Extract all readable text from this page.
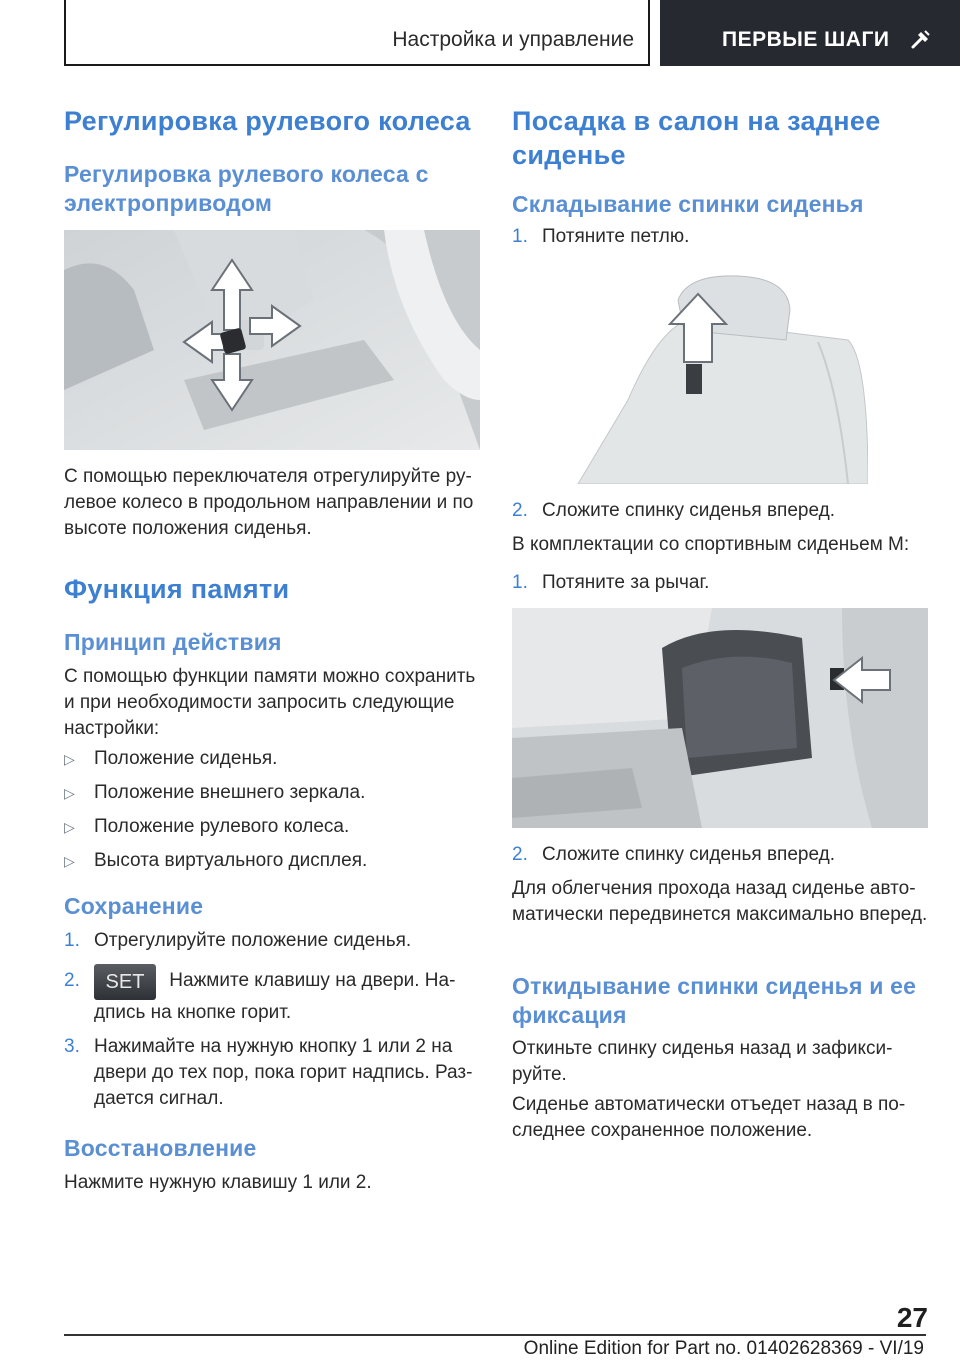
Настройка и управление	ПЕРВЫЕ ШАГИ
Регулировка рулевого колеса
Регулировка рулевого колеса с электроприводом
С помощью переключателя отрегулируйте рулевое колесо в продольном направлении и по высоте положения сиденья.
Функция памяти
Принцип действия
С помощью функции памяти можно сохранить и при необходимости запросить следующие настройки:
▷ Положение сиденья.
▷ Положение внешнего зеркала.
▷ Положение рулевого колеса.
▷ Высота виртуального дисплея.
Сохранение
1. Отрегулируйте положение сиденья.
2.	SET Нажмите клавишу на двери. Надпись на кнопке горит.
3. Нажимайте на нужную кнопку 1 или 2 на двери до тех пор, пока горит надпись. Раздается сигнал.
Восстановление
Нажмите нужную клавишу 1 или 2.
Посадка в салон на заднее сиденье
Складывание спинки сиденья
1. Потяните петлю.
2. Сложите спинку сиденья вперед.
В комплектации со спортивным сиденьем M:
1. Потяните за рычаг.
2. Сложите спинку сиденья вперед.
Для облегчения прохода назад сиденье автоматически передвинется максимально вперед.
Откидывание спинки сиденья и ее фиксация
Откиньте спинку сиденья назад и зафиксируйте.
Сиденье автоматически отъедет назад в последнее сохраненное положение.
27
Online Edition for Part no. 01402628369 - VI/19
